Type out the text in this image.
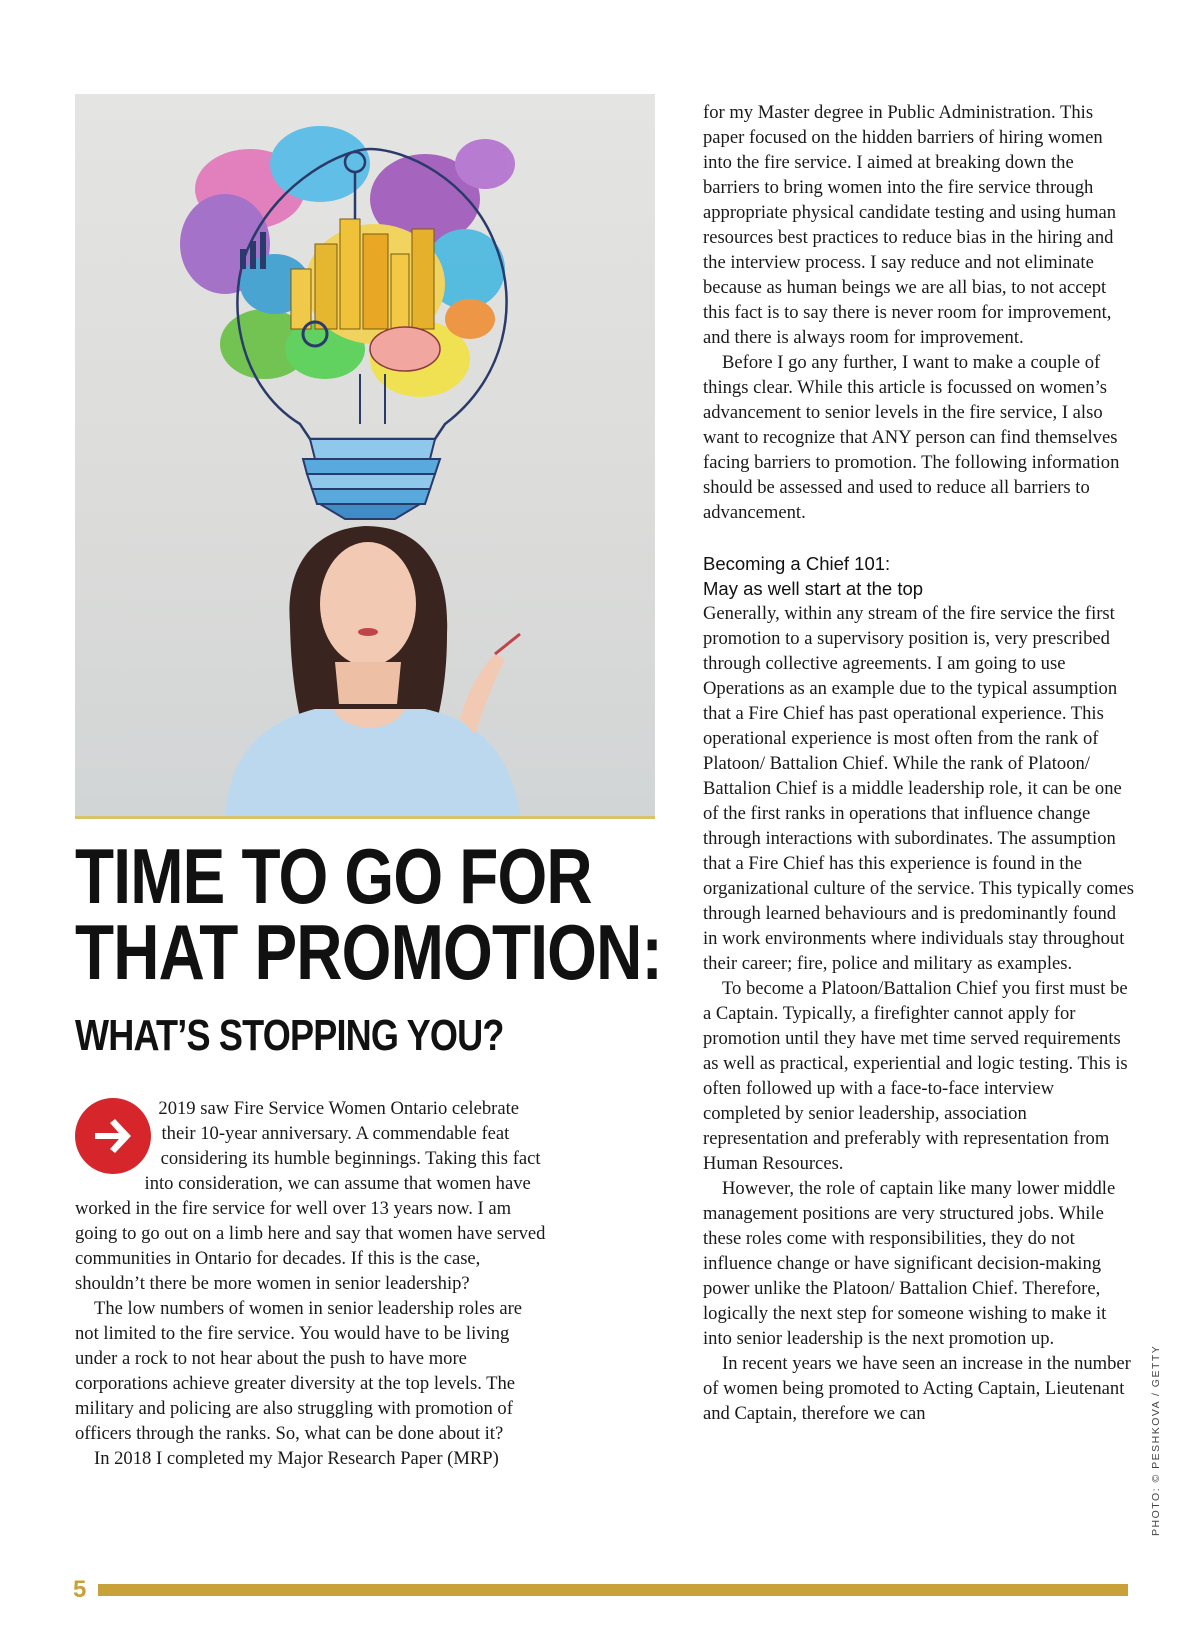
TIME TO GO FOR
THAT PROMOTION:
WHAT’S STOPPING YOU?

2019 saw Fire Service Women Ontario celebrate their 10-year anniversary. A commendable feat considering its humble beginnings. Taking this fact into consideration, we can assume that women have worked in the fire service for well over 13 years now. I am going to go out on a limb here and say that women have served communities in Ontario for decades. If this is the case, shouldn’t there be more women in senior leadership?

The low numbers of women in senior leadership roles are not limited to the fire service. You would have to be living under a rock to not hear about the push to have more corporations achieve greater diversity at the top levels. The military and policing are also struggling with promotion of officers through the ranks. So, what can be done about it?

In 2018 I completed my Major Research Paper (MRP)

for my Master degree in Public Administration. This paper focused on the hidden barriers of hiring women into the fire service. I aimed at breaking down the barriers to bring women into the fire service through appropriate physical candidate testing and using human resources best practices to reduce bias in the hiring and the interview process. I say reduce and not eliminate because as human beings we are all bias, to not accept this fact is to say there is never room for improvement, and there is always room for improvement.

Before I go any further, I want to make a couple of things clear. While this article is focussed on women’s advancement to senior levels in the fire service, I also want to recognize that ANY person can find themselves facing barriers to promotion. The following information should be assessed and used to reduce all barriers to advancement.

Becoming a Chief 101:
May as well start at the top

Generally, within any stream of the fire service the first promotion to a supervisory position is, very prescribed through collective agreements. I am going to use Operations as an example due to the typical assumption that a Fire Chief has past operational experience. This operational experience is most often from the rank of Platoon/ Battalion Chief. While the rank of Platoon/ Battalion Chief is a middle leadership role, it can be one of the first ranks in operations that influence change through interactions with subordinates. The assumption that a Fire Chief has this experience is found in the organizational culture of the service. This typically comes through learned behaviours and is predominantly found in work environments where individuals stay throughout their career; fire, police and military as examples.

To become a Platoon/Battalion Chief you first must be a Captain. Typically, a firefighter cannot apply for promotion until they have met time served requirements as well as practical, experiential and logic testing. This is often followed up with a face-to-face interview completed by senior leadership, association representation and preferably with representation from Human Resources.

However, the role of captain like many lower middle management positions are very structured jobs. While these roles come with responsibilities, they do not influence change or have significant decision-making power unlike the Platoon/ Battalion Chief. Therefore, logically the next step for someone wishing to make it into senior leadership is the next promotion up.

In recent years we have seen an increase in the number of women being promoted to Acting Captain, Lieutenant and Captain, therefore we can	PHOTO: © PESHKOVA / GETTY
5
